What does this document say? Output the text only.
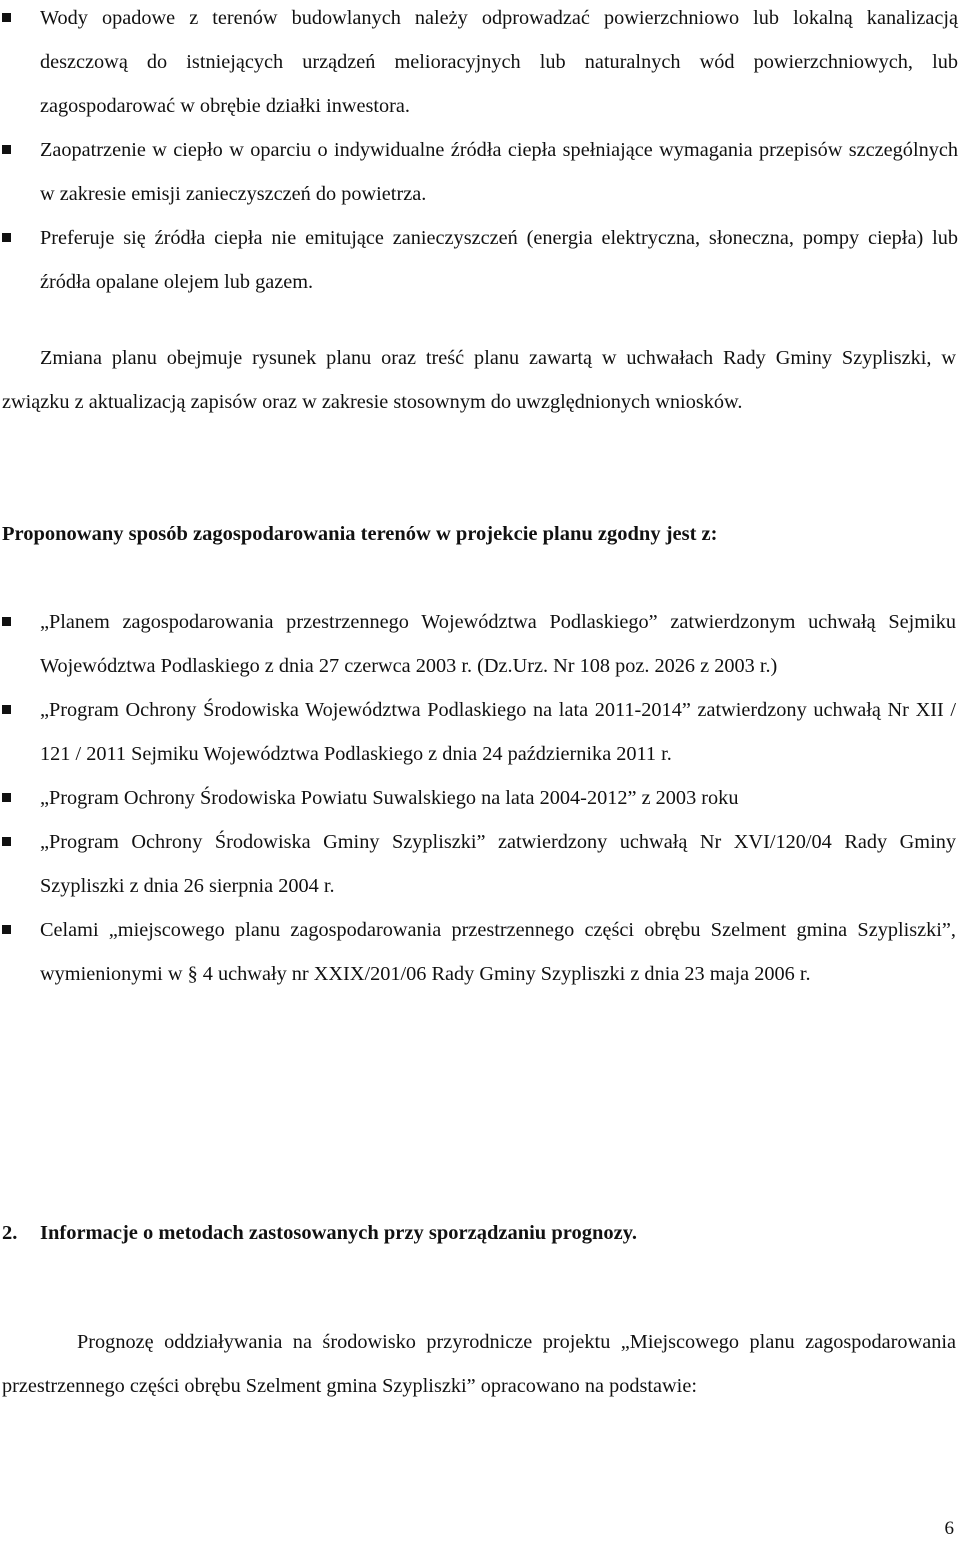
Wody opadowe z terenów budowlanych należy odprowadzać powierzchniowo lub lokalną kanalizacją deszczową do istniejących urządzeń melioracyjnych lub naturalnych wód powierzchniowych, lub zagospodarować w obrębie działki inwestora.

Zaopatrzenie w ciepło w oparciu o indywidualne źródła ciepła spełniające wymagania przepisów szczególnych w zakresie emisji zanieczyszczeń do powietrza.

Preferuje się źródła ciepła nie emitujące zanieczyszczeń (energia elektryczna, słoneczna, pompy ciepła) lub źródła opalane olejem lub gazem.

Zmiana planu obejmuje rysunek planu oraz treść planu zawartą w uchwałach Rady Gminy Szypliszki, w związku z aktualizacją zapisów oraz w zakresie stosownym do uwzględnionych wniosków.

Proponowany sposób zagospodarowania terenów w projekcie planu zgodny jest z:

„Planem zagospodarowania przestrzennego Województwa Podlaskiego” zatwierdzonym uchwałą Sejmiku Województwa Podlaskiego z dnia 27 czerwca 2003 r. (Dz.Urz. Nr 108 poz. 2026 z 2003 r.)

„Program Ochrony Środowiska Województwa Podlaskiego na lata 2011-2014” zatwierdzony uchwałą Nr XII / 121 / 2011 Sejmiku Województwa Podlaskiego z dnia 24 października 2011 r.

„Program Ochrony Środowiska Powiatu Suwalskiego na lata 2004-2012” z 2003 roku

„Program Ochrony Środowiska Gminy Szypliszki” zatwierdzony uchwałą Nr XVI/120/04 Rady Gminy Szypliszki z dnia 26 sierpnia 2004 r.

Celami „miejscowego planu zagospodarowania przestrzennego części obrębu Szelment gmina Szypliszki”, wymienionymi w § 4 uchwały nr XXIX/201/06 Rady Gminy Szypliszki z dnia 23 maja 2006 r.

2. Informacje o metodach zastosowanych przy sporządzaniu prognozy.

Prognozę oddziaływania na środowisko przyrodnicze projektu „Miejscowego planu zagospodarowania przestrzennego części obrębu Szelment gmina Szypliszki” opracowano na podstawie:

6
